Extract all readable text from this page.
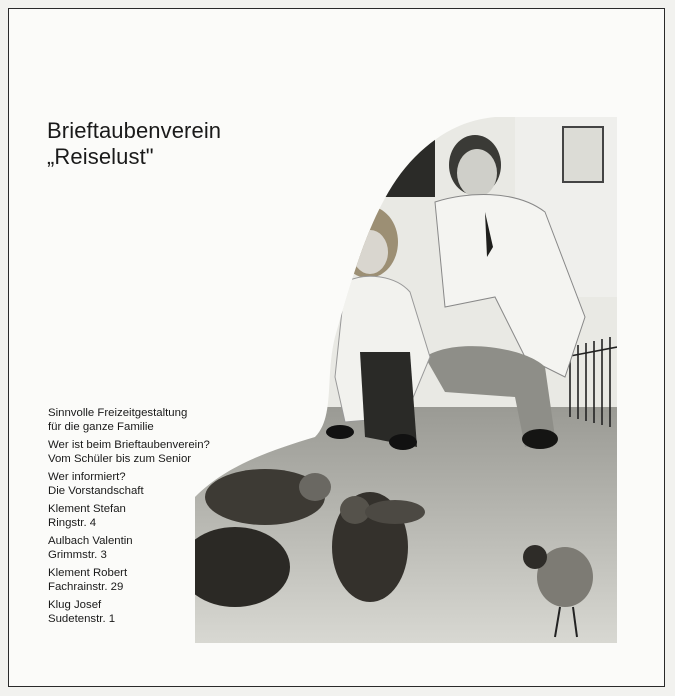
Brieftaubenverein
„Reiselust"
Sinnvolle Freizeitgestaltung
für die ganze Familie
Wer ist beim Brieftaubenverein?
Vom Schüler bis zum Senior
Wer informiert?
Die Vorstandschaft
Klement Stefan
Ringstr. 4
Aulbach Valentin
Grimmstr. 3
Klement Robert
Fachrainstr. 29
Klug Josef
Sudetenstr. 1
